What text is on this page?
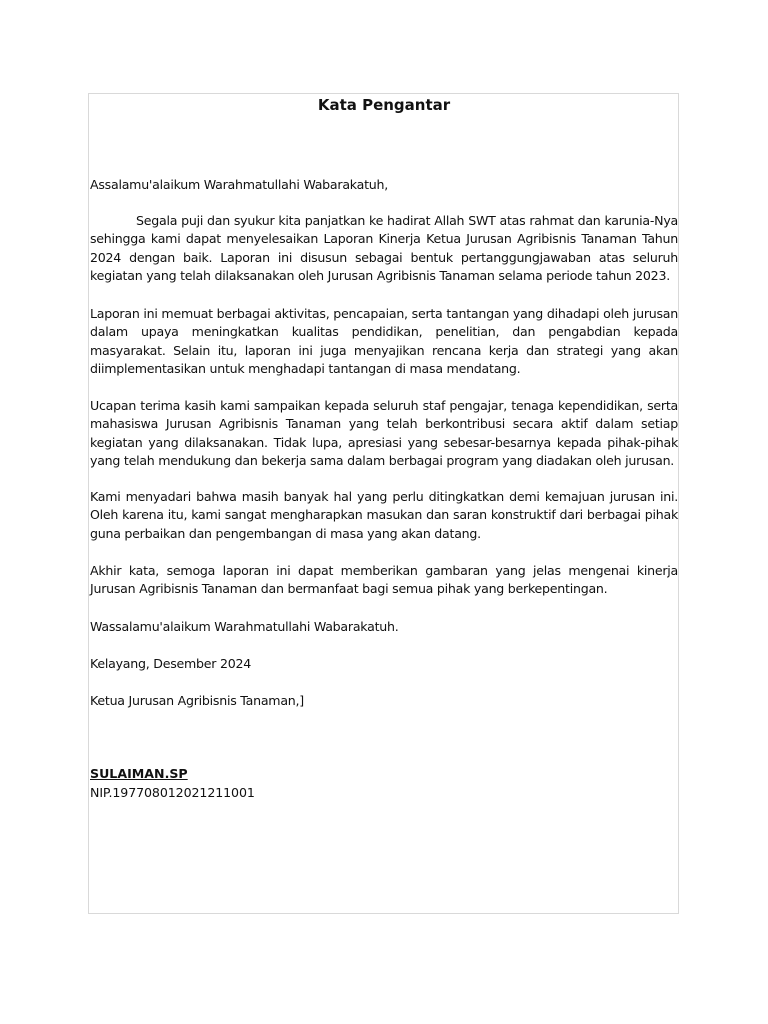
Kata Pengantar

Assalamu'alaikum Warahmatullahi Wabarakatuh,

Segala puji dan syukur kita panjatkan ke hadirat Allah SWT atas rahmat dan karunia-Nya sehingga kami dapat menyelesaikan Laporan Kinerja Ketua Jurusan Agribisnis Tanaman Tahun 2024 dengan baik. Laporan ini disusun sebagai bentuk pertanggungjawaban atas seluruh kegiatan yang telah dilaksanakan oleh Jurusan Agribisnis Tanaman selama periode tahun 2023.

Laporan ini memuat berbagai aktivitas, pencapaian, serta tantangan yang dihadapi oleh jurusan dalam upaya meningkatkan kualitas pendidikan, penelitian, dan pengabdian kepada masyarakat. Selain itu, laporan ini juga menyajikan rencana kerja dan strategi yang akan diimplementasikan untuk menghadapi tantangan di masa mendatang.

Ucapan terima kasih kami sampaikan kepada seluruh staf pengajar, tenaga kependidikan, serta mahasiswa Jurusan Agribisnis Tanaman yang telah berkontribusi secara aktif dalam setiap kegiatan yang dilaksanakan. Tidak lupa, apresiasi yang sebesar-besarnya kepada pihak-pihak yang telah mendukung dan bekerja sama dalam berbagai program yang diadakan oleh jurusan.

Kami menyadari bahwa masih banyak hal yang perlu ditingkatkan demi kemajuan jurusan ini. Oleh karena itu, kami sangat mengharapkan masukan dan saran konstruktif dari berbagai pihak guna perbaikan dan pengembangan di masa yang akan datang.

Akhir kata, semoga laporan ini dapat memberikan gambaran yang jelas mengenai kinerja Jurusan Agribisnis Tanaman dan bermanfaat bagi semua pihak yang berkepentingan.

Wassalamu'alaikum Warahmatullahi Wabarakatuh.

Kelayang, Desember 2024

Ketua Jurusan Agribisnis Tanaman,]

SULAIMAN.SP

NIP.197708012021211001
